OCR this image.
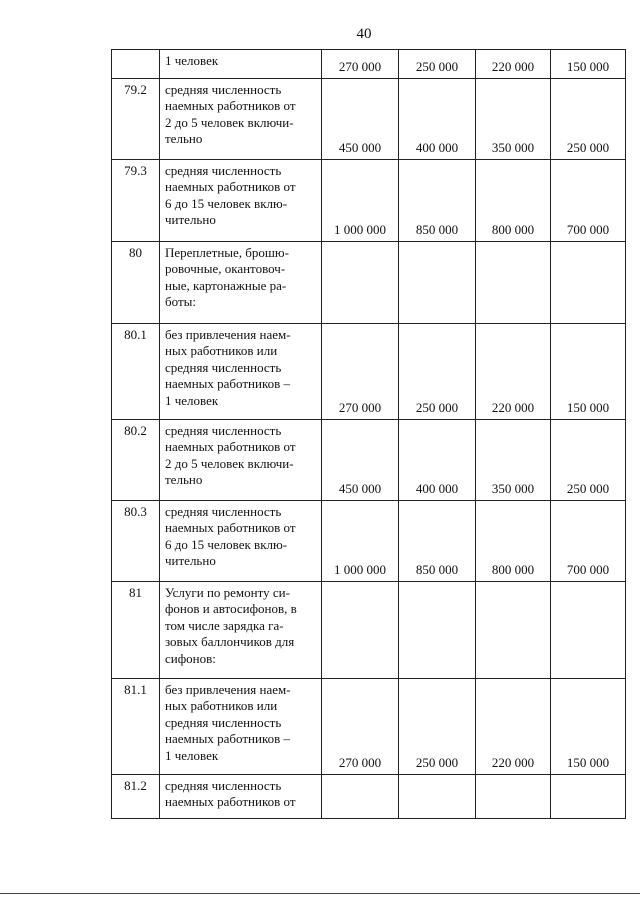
40

	1 человек	270 000	250 000	220 000	150 000
79.2	средняя численность
наемных работников от
2 до 5 человек включи-
тельно	450 000	400 000	350 000	250 000
79.3	средняя численность
наемных работников от
6 до 15 человек вклю-
чительно	1 000 000	850 000	800 000	700 000
80	Переплетные, брошю-
ровочные, окантовоч-
ные, картонажные ра-
боты:				

80.1	без привлечения наем-
ных работников или
средняя численность
наемных работников –
1 человек	270 000	250 000	220 000	150 000
80.2	средняя численность
наемных работников от
2 до 5 человек включи-
тельно	450 000	400 000	350 000	250 000
80.3	средняя численность
наемных работников от
6 до 15 человек вклю-
чительно	1 000 000	850 000	800 000	700 000
81	Услуги по ремонту си-
фонов и автосифонов, в
том числе зарядка га-
зовых баллончиков для
сифонов:				

81.1	без привлечения наем-
ных работников или
средняя численность
наемных работников –
1 человек	270 000	250 000	220 000	150 000
81.2	средняя численность
наемных работников от				
